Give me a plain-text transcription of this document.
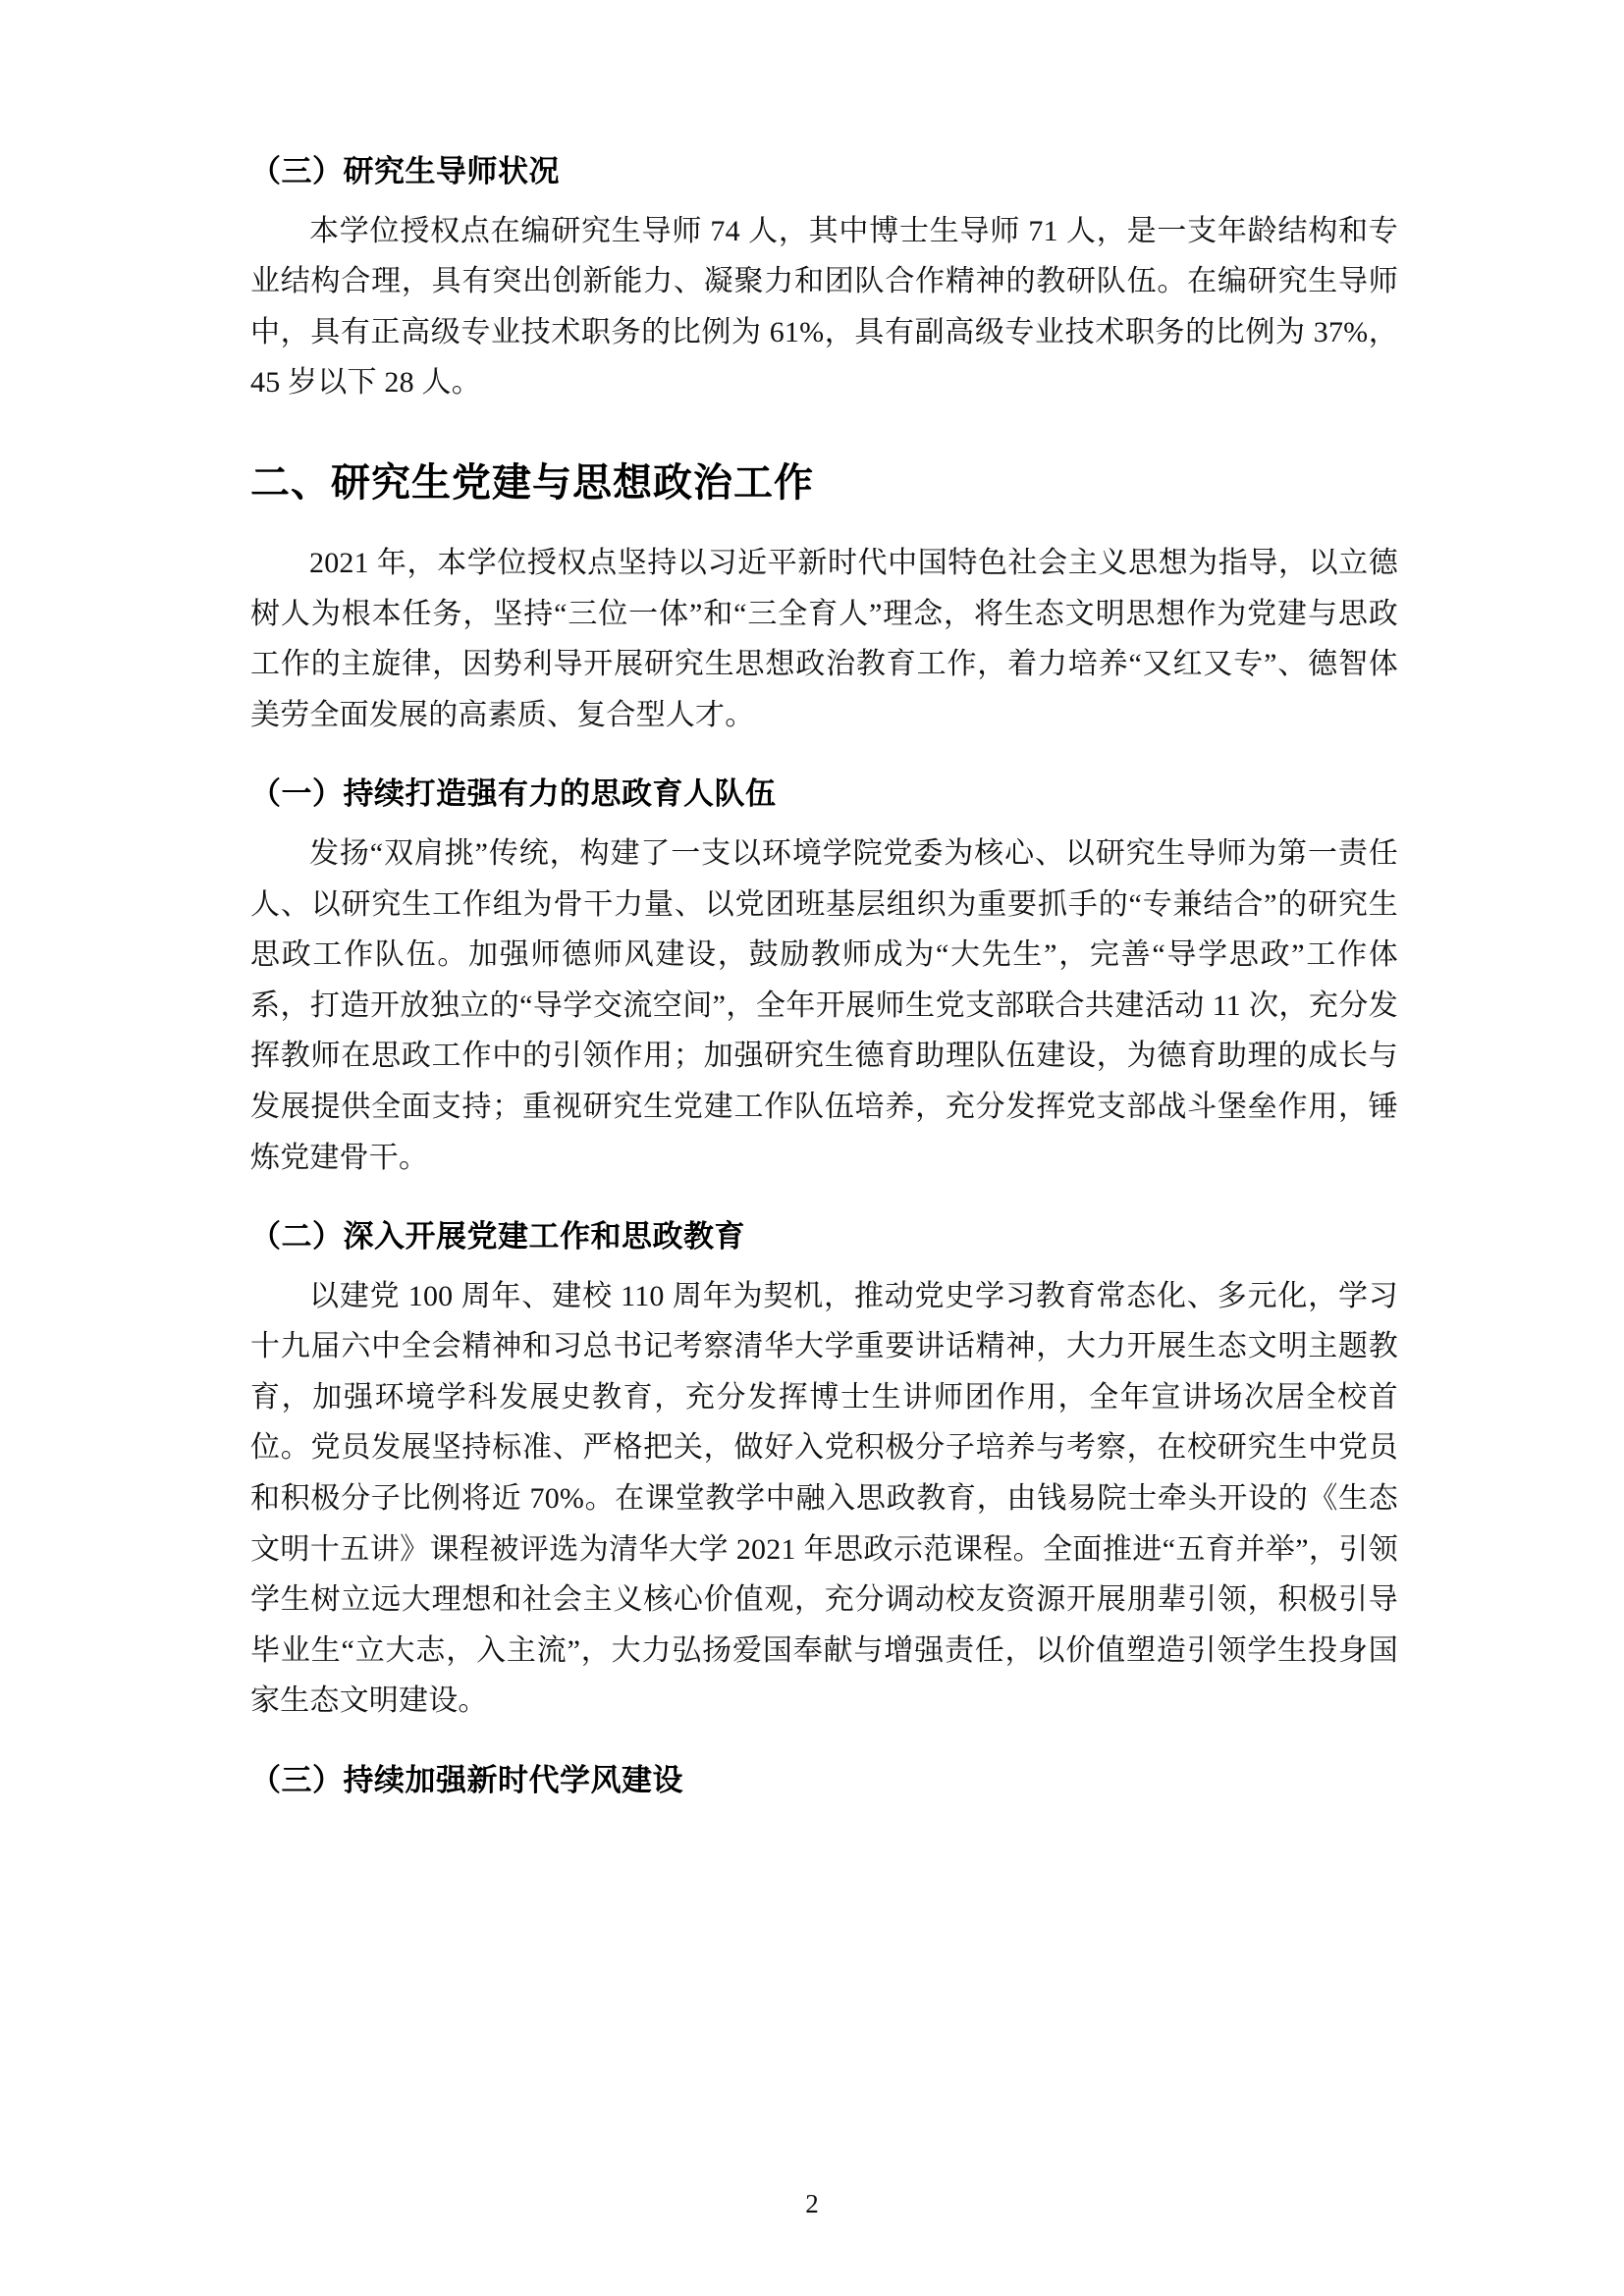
（三）研究生导师状况

本学位授权点在编研究生导师 74 人，其中博士生导师 71 人，是一支年龄结构和专业结构合理，具有突出创新能力、凝聚力和团队合作精神的教研队伍。在编研究生导师中，具有正高级专业技术职务的比例为 61%，具有副高级专业技术职务的比例为 37%，45 岁以下 28 人。

二、研究生党建与思想政治工作

2021 年，本学位授权点坚持以习近平新时代中国特色社会主义思想为指导，以立德树人为根本任务，坚持“三位一体”和“三全育人”理念，将生态文明思想作为党建与思政工作的主旋律，因势利导开展研究生思想政治教育工作，着力培养“又红又专”、德智体美劳全面发展的高素质、复合型人才。

（一）持续打造强有力的思政育人队伍

发扬“双肩挑”传统，构建了一支以环境学院党委为核心、以研究生导师为第一责任人、以研究生工作组为骨干力量、以党团班基层组织为重要抓手的“专兼结合”的研究生思政工作队伍。加强师德师风建设，鼓励教师成为“大先生”，完善“导学思政”工作体系，打造开放独立的“导学交流空间”，全年开展师生党支部联合共建活动 11 次，充分发挥教师在思政工作中的引领作用；加强研究生德育助理队伍建设，为德育助理的成长与发展提供全面支持；重视研究生党建工作队伍培养，充分发挥党支部战斗堡垒作用，锤炼党建骨干。

（二）深入开展党建工作和思政教育

以建党 100 周年、建校 110 周年为契机，推动党史学习教育常态化、多元化，学习十九届六中全会精神和习总书记考察清华大学重要讲话精神，大力开展生态文明主题教育，加强环境学科发展史教育，充分发挥博士生讲师团作用，全年宣讲场次居全校首位。党员发展坚持标准、严格把关，做好入党积极分子培养与考察，在校研究生中党员和积极分子比例将近 70%。在课堂教学中融入思政教育，由钱易院士牵头开设的《生态文明十五讲》课程被评选为清华大学 2021 年思政示范课程。全面推进“五育并举”，引领学生树立远大理想和社会主义核心价值观，充分调动校友资源开展朋辈引领，积极引导毕业生“立大志，入主流”，大力弘扬爱国奉献与增强责任，以价值塑造引领学生投身国家生态文明建设。

（三）持续加强新时代学风建设
2
